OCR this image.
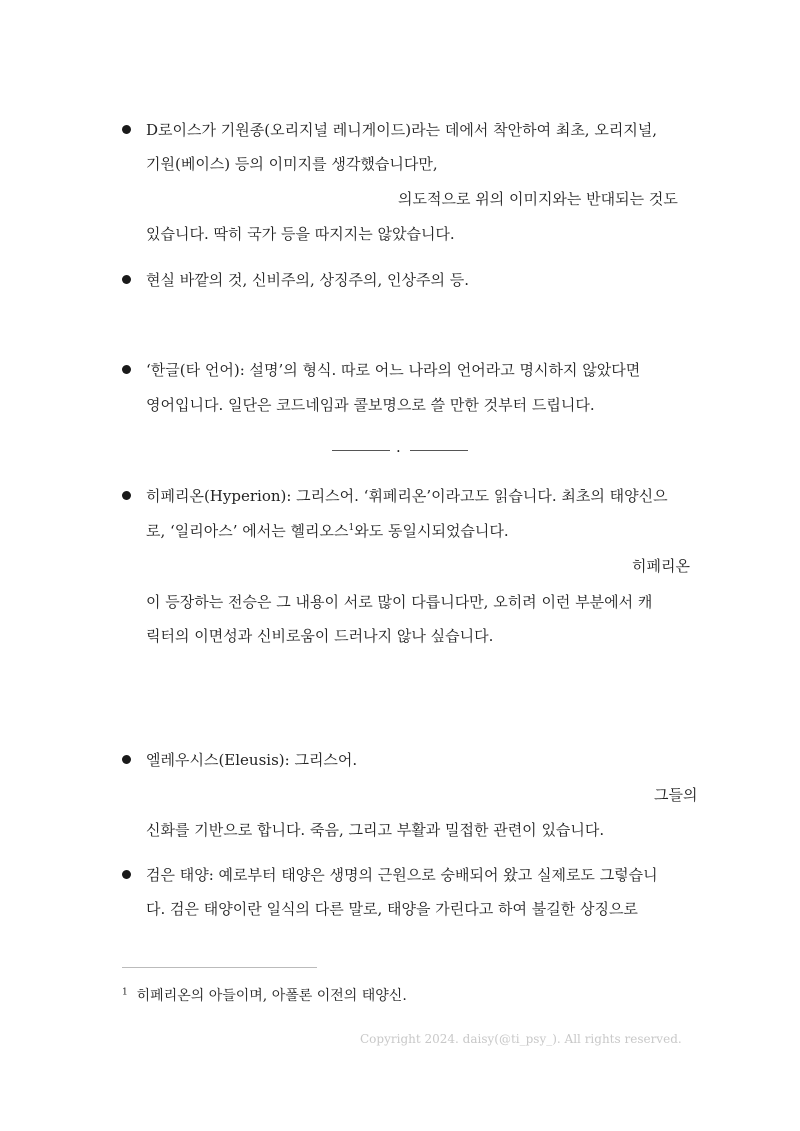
D로이스가 기원종(오리지널 레니게이드)라는 데에서 착안하여 최초, 오리지널,
기원(베이스) 등의 이미지를 생각했습니다만,
의도적으로 위의 이미지와는 반대되는 것도
있습니다. 딱히 국가 등을 따지지는 않았습니다.
현실 바깥의 것, 신비주의, 상징주의, 인상주의 등.
‘한글(타 언어): 설명’의 형식. 따로 어느 나라의 언어라고 명시하지 않았다면
영어입니다. 일단은 코드네임과 콜보명으로 쓸 만한 것부터 드립니다.
·
히페리온(Hyperion): 그리스어. ‘휘페리온’이라고도 읽습니다. 최초의 태양신으
로, ‘일리아스’ 에서는 헬리오스$^1$와도 동일시되었습니다.
히페리온
이 등장하는 전승은 그 내용이 서로 많이 다릅니다만, 오히려 이런 부분에서 캐
릭터의 이면성과 신비로움이 드러나지 않나 싶습니다.
엘레우시스(Eleusis): 그리스어.
그들의
신화를 기반으로 합니다. 죽음, 그리고 부활과 밀접한 관련이 있습니다.
검은 태양: 예로부터 태양은 생명의 근원으로 숭배되어 왔고 실제로도 그렇습니
다. 검은 태양이란 일식의 다른 말로, 태양을 가린다고 하여 불길한 상징으로
$^1$ 히페리온의 아들이며, 아폴론 이전의 태양신.
Copyright 2024. daisy(@ti_psy_). All rights reserved.
